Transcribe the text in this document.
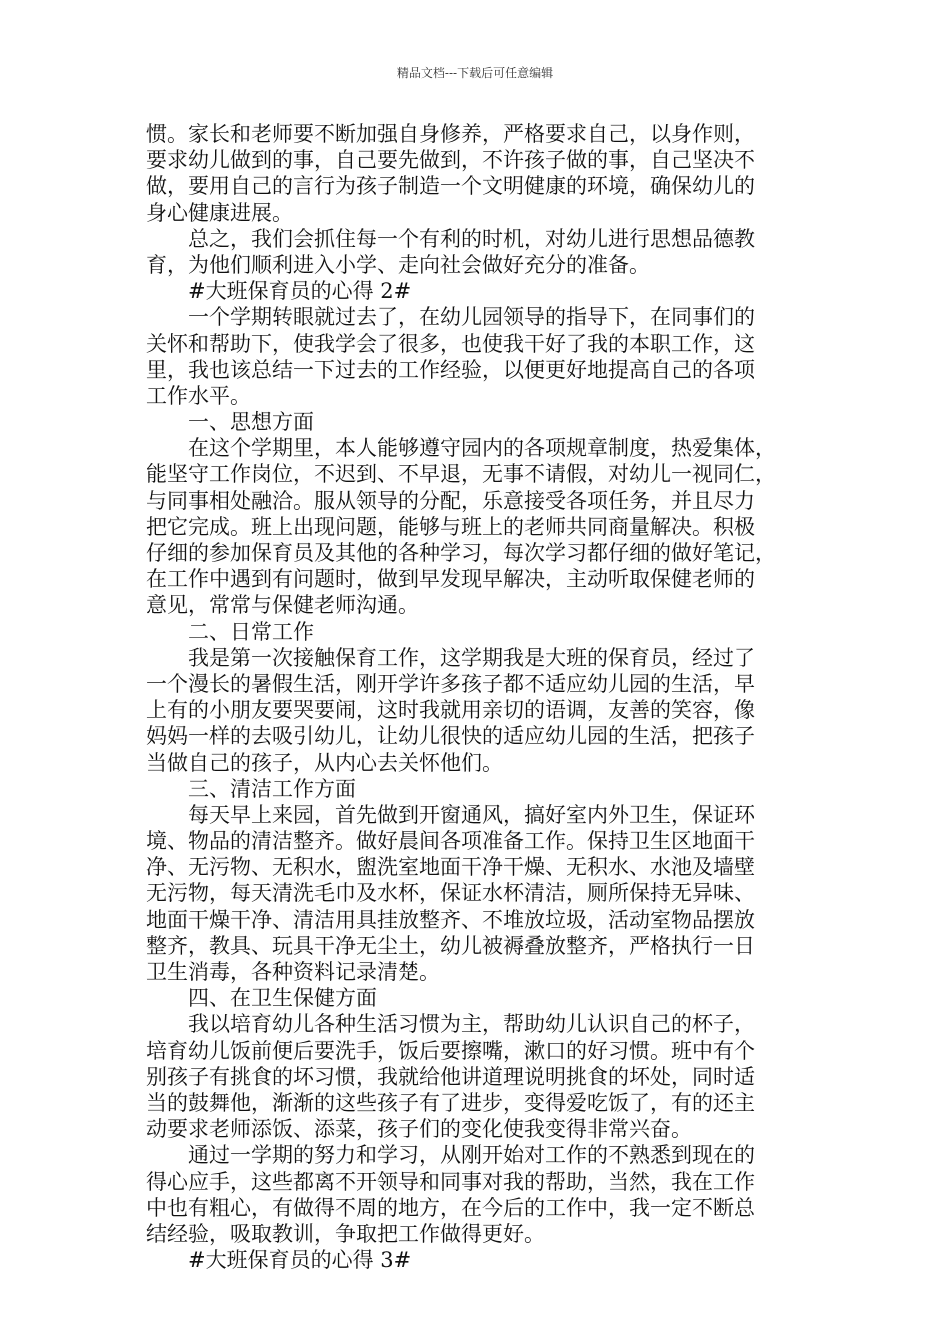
精品文档---下载后可任意编辑
惯。家长和老师要不断加强自身修养，严格要求自己，以身作则，
要求幼儿做到的事，自己要先做到，不许孩子做的事，自己坚决不
做，要用自己的言行为孩子制造一个文明健康的环境，确保幼儿的
身心健康进展。
总之，我们会抓住每一个有利的时机，对幼儿进行思想品德教
育，为他们顺利进入小学、走向社会做好充分的准备。
#大班保育员的心得 2#
一个学期转眼就过去了，在幼儿园领导的指导下，在同事们的
关怀和帮助下，使我学会了很多，也使我干好了我的本职工作，这
里，我也该总结一下过去的工作经验，以便更好地提高自己的各项
工作水平。
一、思想方面
在这个学期里，本人能够遵守园内的各项规章制度，热爱集体，
能坚守工作岗位，不迟到、不早退，无事不请假，对幼儿一视同仁，
与同事相处融洽。服从领导的分配，乐意接受各项任务，并且尽力
把它完成。班上出现问题，能够与班上的老师共同商量解决。积极
仔细的参加保育员及其他的各种学习，每次学习都仔细的做好笔记，
在工作中遇到有问题时，做到早发现早解决，主动听取保健老师的
意见，常常与保健老师沟通。
二、日常工作
我是第一次接触保育工作，这学期我是大班的保育员，经过了
一个漫长的暑假生活，刚开学许多孩子都不适应幼儿园的生活，早
上有的小朋友要哭要闹，这时我就用亲切的语调，友善的笑容，像
妈妈一样的去吸引幼儿，让幼儿很快的适应幼儿园的生活，把孩子
当做自己的孩子，从内心去关怀他们。
三、清洁工作方面
每天早上来园，首先做到开窗通风，搞好室内外卫生，保证环
境、物品的清洁整齐。做好晨间各项准备工作。保持卫生区地面干
净、无污物、无积水，盥洗室地面干净干燥、无积水、水池及墙壁
无污物，每天清洗毛巾及水杯，保证水杯清洁，厕所保持无异味、
地面干燥干净、清洁用具挂放整齐、不堆放垃圾，活动室物品摆放
整齐，教具、玩具干净无尘土，幼儿被褥叠放整齐，严格执行一日
卫生消毒，各种资料记录清楚。
四、在卫生保健方面
我以培育幼儿各种生活习惯为主，帮助幼儿认识自己的杯子，
培育幼儿饭前便后要洗手，饭后要擦嘴，漱口的好习惯。班中有个
别孩子有挑食的坏习惯，我就给他讲道理说明挑食的坏处，同时适
当的鼓舞他，渐渐的这些孩子有了进步，变得爱吃饭了，有的还主
动要求老师添饭、添菜，孩子们的变化使我变得非常兴奋。
通过一学期的努力和学习，从刚开始对工作的不熟悉到现在的
得心应手，这些都离不开领导和同事对我的帮助，当然，我在工作
中也有粗心，有做得不周的地方，在今后的工作中，我一定不断总
结经验，吸取教训，争取把工作做得更好。
#大班保育员的心得 3#
